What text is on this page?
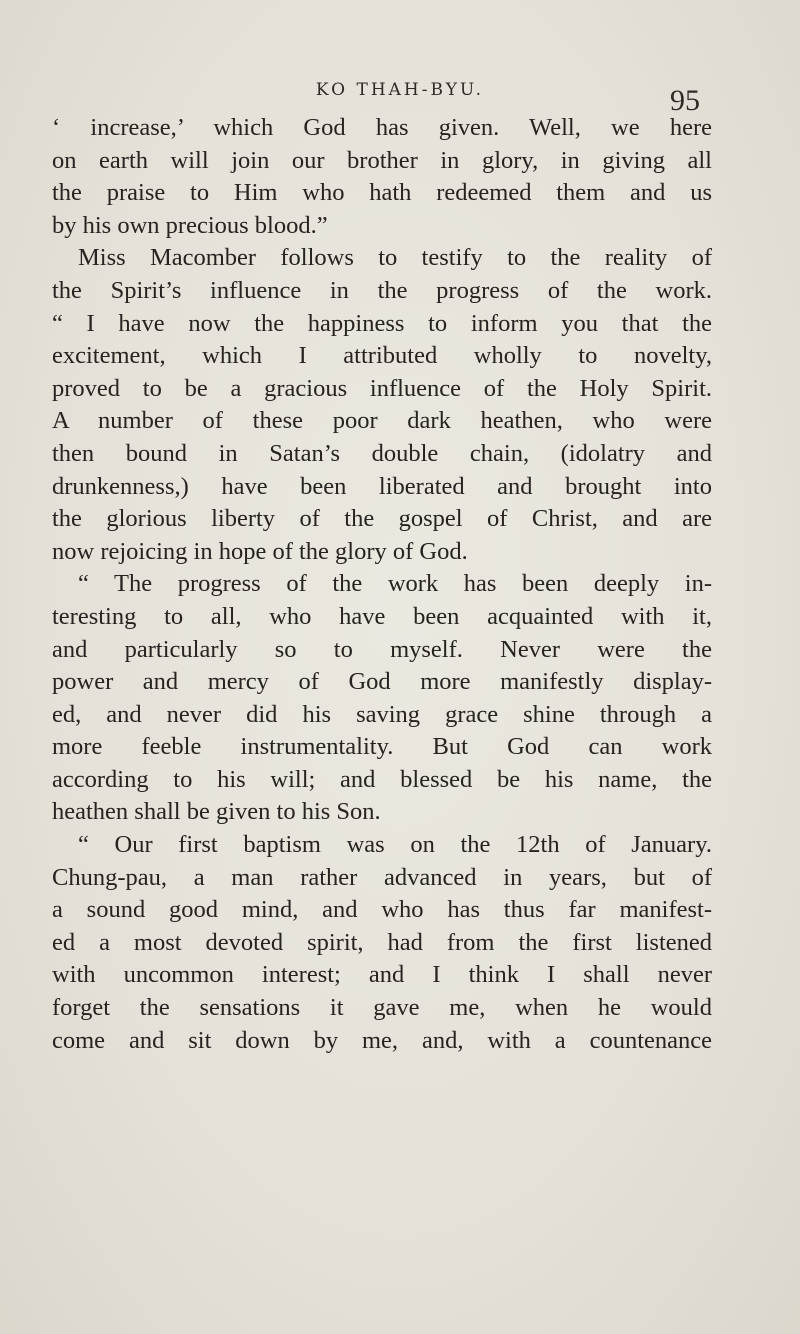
KO THAH-BYU.	95
‘ increase,’ which God has given. Well, we here
on earth will join our brother in glory, in giving all
the praise to Him who hath redeemed them and us
by his own precious blood.”
Miss Macomber follows to testify to the reality of
the Spirit’s influence in the progress of the work.
“ I have now the happiness to inform you that the
excitement, which I attributed wholly to novelty,
proved to be a gracious influence of the Holy Spirit.
A number of these poor dark heathen, who were
then bound in Satan’s double chain, (idolatry and
drunkenness,) have been liberated and brought into
the glorious liberty of the gospel of Christ, and are
now rejoicing in hope of the glory of God.
“ The progress of the work has been deeply in-
teresting to all, who have been acquainted with it,
and particularly so to myself. Never were the
power and mercy of God more manifestly display-
ed, and never did his saving grace shine through a
more feeble instrumentality. But God can work
according to his will; and blessed be his name, the
heathen shall be given to his Son.
“ Our first baptism was on the 12th of January.
Chung-pau, a man rather advanced in years, but of
a sound good mind, and who has thus far manifest-
ed a most devoted spirit, had from the first listened
with uncommon interest; and I think I shall never
forget the sensations it gave me, when he would
come and sit down by me, and, with a countenance
